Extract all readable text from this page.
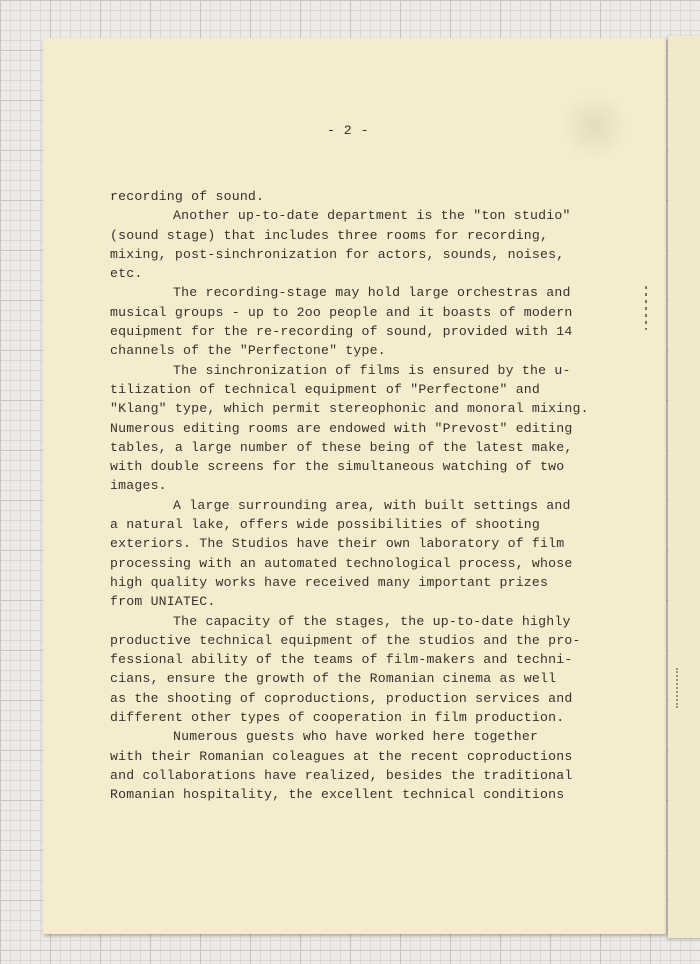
- 2 -
recording of sound.
Another up-to-date department is the "ton studio"
(sound stage) that includes three rooms for recording,
mixing, post-sinchronization for actors, sounds, noises,
etc.
The recording-stage may hold large orchestras and
musical groups - up to 2oo people and it boasts of modern
equipment for the re-recording of sound, provided with 14
channels of the "Perfectone" type.
The sinchronization of films is ensured by the u-
tilization of technical equipment of "Perfectone" and
"Klang" type, which permit stereophonic and monoral mixing.
Numerous editing rooms are endowed with "Prevost" editing
tables, a large number of these being of the latest make,
with double screens for the simultaneous watching of two
images.
A large surrounding area, with built settings and
a natural lake, offers wide possibilities of shooting
exteriors. The Studios have their own laboratory of film
processing with an automated technological process, whose
high quality works have received many important prizes
from UNIATEC.
The capacity of the stages, the up-to-date highly
productive technical equipment of the studios and the pro-
fessional ability of the teams of film-makers and techni-
cians, ensure the growth of the Romanian cinema as well
as the shooting of coproductions, production services and
different other types of cooperation in film production.
Numerous guests who have worked here together
with their Romanian coleagues at the recent coproductions
and collaborations have realized, besides the traditional
Romanian hospitality, the excellent technical conditions
